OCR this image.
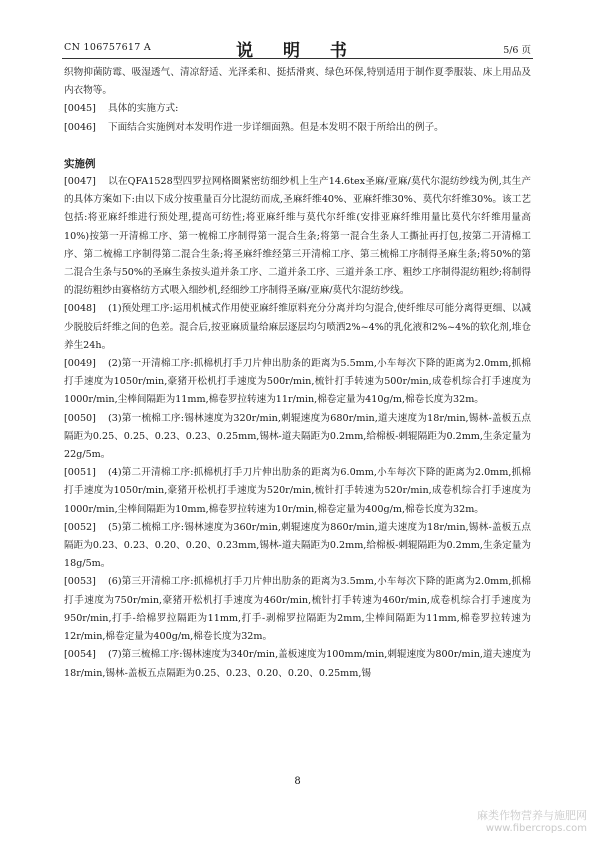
CN 106757617 A	说 明 书	5/6 页

织物抑菌防霉、吸湿透气、清凉舒适、光泽柔和、挺括滑爽、绿色环保,特别适用于制作夏季服装、床上用品及内衣物等。

[0045] 具体的实施方式:

[0046] 下面结合实施例对本发明作进一步详细面熟。但是本发明不限于所给出的例子。

实施例

[0047] 以在QFA1528型四罗拉网格圈紧密纺细纱机上生产14.6tex圣麻/亚麻/莫代尔混纺纱线为例,其生产的具体方案如下:由以下成分按重量百分比混纺而成,圣麻纤维40%、亚麻纤维30%、莫代尔纤维30%。该工艺包括:将亚麻纤维进行预处理,提高可纺性;将亚麻纤维与莫代尔纤维(安排亚麻纤维用量比莫代尔纤维用量高10%)按第一开清棉工序、第一梳棉工序制得第一混合生条;将第一混合生条人工撕扯再打包,按第二开清棉工序、第二梳棉工序制得第二混合生条;将圣麻纤维经第三开清棉工序、第三梳棉工序制得圣麻生条;将50%的第二混合生条与50%的圣麻生条按头道并条工序、二道并条工序、三道并条工序、粗纱工序制得混纺粗纱;将制得的混纺粗纱由赛格纺方式喂入细纱机,经细纱工序制得圣麻/亚麻/莫代尔混纺纱线。

[0048] (1)预处理工序:运用机械式作用使亚麻纤维原料充分分离并均匀混合,使纤维尽可能分离得更细、以减少脱胶后纤维之间的色差。混合后,按亚麻质量给麻层逐层均匀喷洒2%~4%的乳化液和2%~4%的软化剂,堆仓养生24h。

[0049] (2)第一开清棉工序:抓棉机打手刀片伸出肋条的距离为5.5mm,小车每次下降的距离为2.0mm,抓棉打手速度为1050r/min,豪猪开松机打手速度为500r/min,梳针打手转速为500r/min,成卷机综合打手速度为1000r/min,尘棒间隔距为11mm,棉卷罗拉转速为11r/min,棉卷定量为410g/m,棉卷长度为32m。

[0050] (3)第一梳棉工序:锡林速度为320r/min,刺辊速度为680r/min,道夫速度为18r/min,锡林-盖板五点隔距为0.25、0.25、0.23、0.23、0.25mm,锡林-道夫隔距为0.2mm,给棉板-刺辊隔距为0.2mm,生条定量为22g/5m。

[0051] (4)第二开清棉工序:抓棉机打手刀片伸出肋条的距离为6.0mm,小车每次下降的距离为2.0mm,抓棉打手速度为1050r/min,豪猪开松机打手速度为520r/min,梳针打手转速为520r/min,成卷机综合打手速度为1000r/min,尘棒间隔距为10mm,棉卷罗拉转速为10r/min,棉卷定量为400g/m,棉卷长度为32m。

[0052] (5)第二梳棉工序:锡林速度为360r/min,刺辊速度为860r/min,道夫速度为18r/min,锡林-盖板五点隔距为0.23、0.23、0.20、0.20、0.23mm,锡林-道夫隔距为0.2mm,给棉板-刺辊隔距为0.2mm,生条定量为18g/5m。

[0053] (6)第三开清棉工序:抓棉机打手刀片伸出肋条的距离为3.5mm,小车每次下降的距离为2.0mm,抓棉打手速度为750r/min,豪猪开松机打手速度为460r/min,梳针打手转速为460r/min,成卷机综合打手速度为950r/min,打手-给棉罗拉隔距为11mm,打手-剥棉罗拉隔距为2mm,尘棒间隔距为11mm,棉卷罗拉转速为12r/min,棉卷定量为400g/m,棉卷长度为32m。

[0054] (7)第三梳棉工序:锡林速度为340r/min,盖板速度为100mm/min,刺辊速度为800r/min,道夫速度为18r/min,锡林-盖板五点隔距为0.25、0.23、0.20、0.20、0.25mm,锡

8
麻类作物营养与施肥网
www.fibercrops.com
